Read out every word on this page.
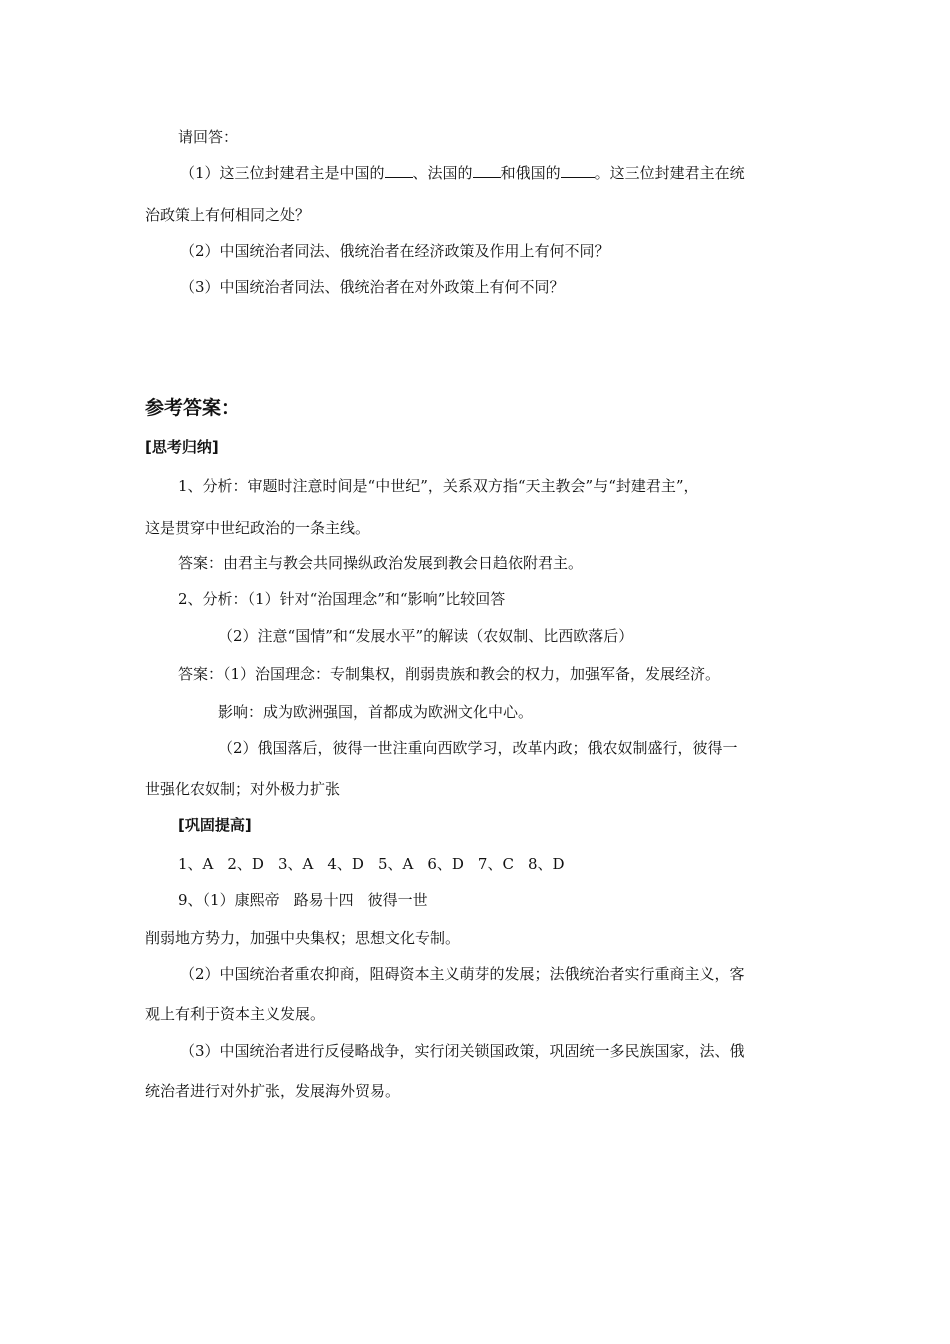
请回答：
（1）这三位封建君主是中国的 、法国的 和俄国的 。这三位封建君主在统
治政策上有何相同之处？
（2）中国统治者同法、俄统治者在经济政策及作用上有何不同？
（3）中国统治者同法、俄统治者在对外政策上有何不同？
参考答案：
[思考归纳]
1、分析：审题时注意时间是“中世纪”，关系双方指“天主教会”与“封建君主”，
这是贯穿中世纪政治的一条主线。
答案：由君主与教会共同操纵政治发展到教会日趋依附君主。
2、分析：（1）针对“治国理念”和“影响”比较回答
（2）注意“国情”和“发展水平”的解读（农奴制、比西欧落后）
答案：（1）治国理念：专制集权，削弱贵族和教会的权力，加强军备，发展经济。
影响：成为欧洲强国，首都成为欧洲文化中心。
（2）俄国落后，彼得一世注重向西欧学习，改革内政；俄农奴制盛行，彼得一
世强化农奴制；对外极力扩张
[巩固提高]
1、A 2、D 3、A 4、D 5、A 6、D 7、C 8、D
9、（1）康熙帝 路易十四 彼得一世
削弱地方势力，加强中央集权；思想文化专制。
（2）中国统治者重农抑商，阻碍资本主义萌芽的发展；法俄统治者实行重商主义，客
观上有利于资本主义发展。
（3）中国统治者进行反侵略战争，实行闭关锁国政策，巩固统一多民族国家，法、俄
统治者进行对外扩张，发展海外贸易。
